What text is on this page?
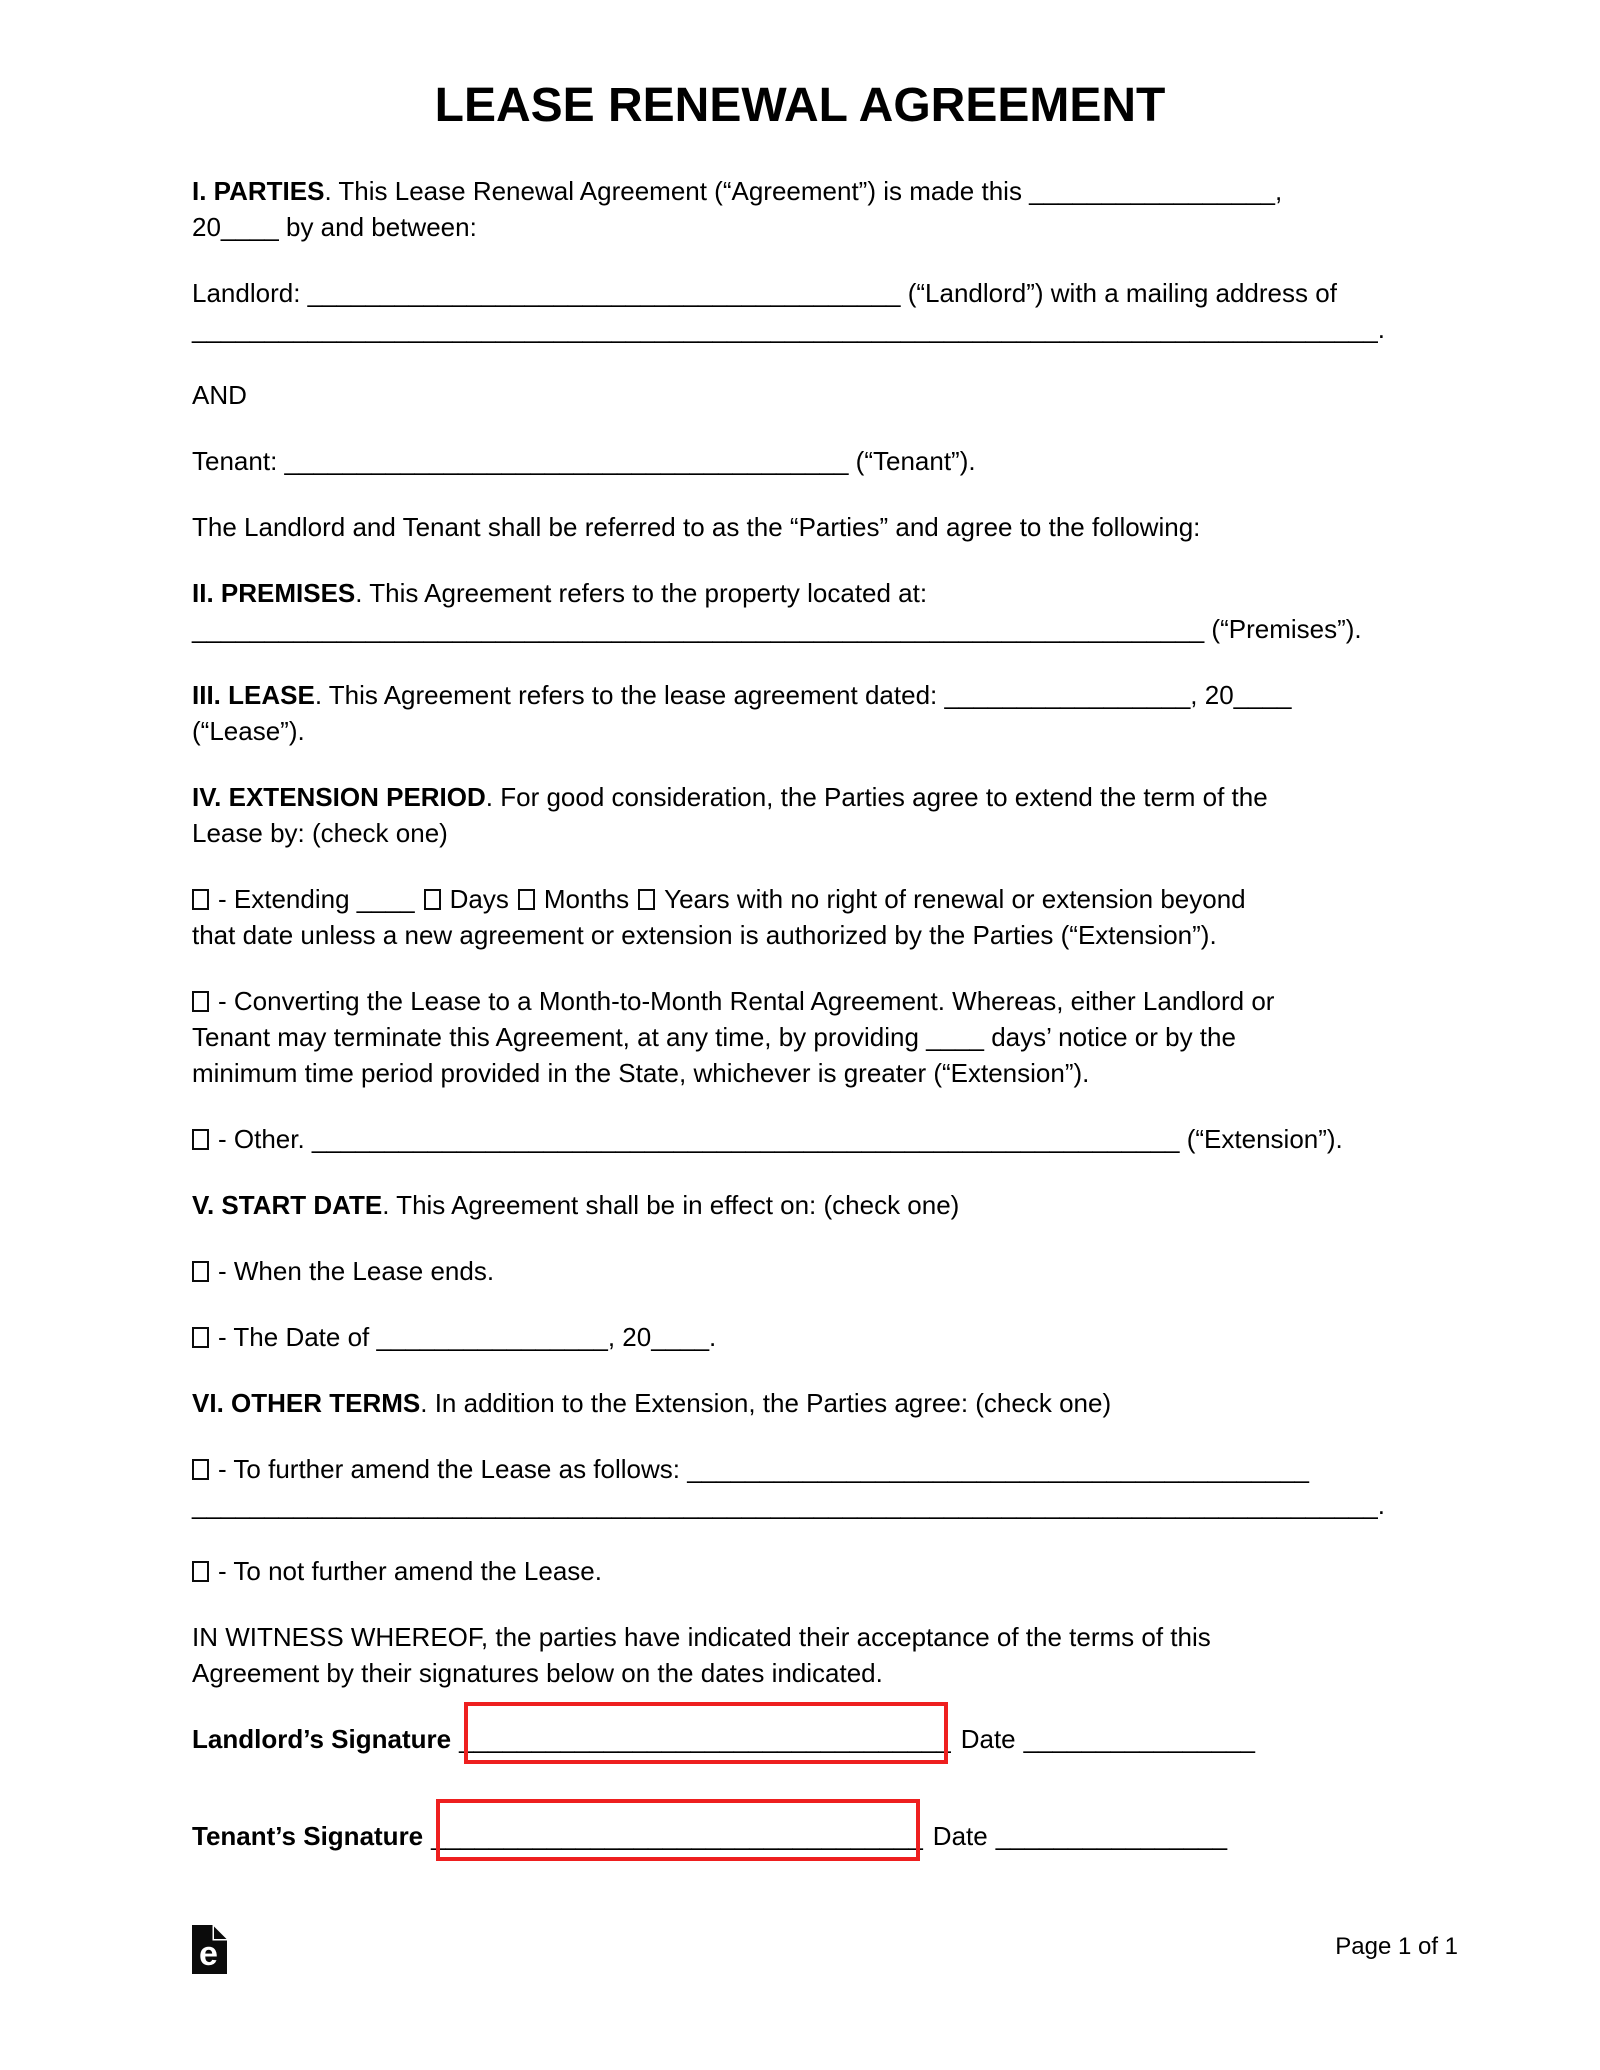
LEASE RENEWAL AGREEMENT

I. PARTIES. This Lease Renewal Agreement (“Agreement”) is made this _________________,
20____ by and between:

Landlord: _________________________________________ (“Landlord”) with a mailing address of
__________________________________________________________________________________.

AND

Tenant: _______________________________________ (“Tenant”).

The Landlord and Tenant shall be referred to as the “Parties” and agree to the following:

II. PREMISES. This Agreement refers to the property located at:
______________________________________________________________________ (“Premises”).

III. LEASE. This Agreement refers to the lease agreement dated: _________________, 20____
(“Lease”).

IV. EXTENSION PERIOD. For good consideration, the Parties agree to extend the term of the
Lease by: (check one)

- Extending ____ Days Months Years with no right of renewal or extension beyond
that date unless a new agreement or extension is authorized by the Parties (“Extension”).

- Converting the Lease to a Month-to-Month Rental Agreement. Whereas, either Landlord or
Tenant may terminate this Agreement, at any time, by providing ____ days’ notice or by the
minimum time period provided in the State, whichever is greater (“Extension”).

- Other. ____________________________________________________________ (“Extension”).

V. START DATE. This Agreement shall be in effect on: (check one)

- When the Lease ends.

- The Date of ________________, 20____.

VI. OTHER TERMS. In addition to the Extension, the Parties agree: (check one)

- To further amend the Lease as follows: ___________________________________________
__________________________________________________________________________________.

- To not further amend the Lease.

IN WITNESS WHEREOF, the parties have indicated their acceptance of the terms of this
Agreement by their signatures below on the dates indicated.

Landlord’s Signature __________________________________ Date ________________
Tenant’s Signature __________________________________ Date ________________
e	Page 1 of 1
